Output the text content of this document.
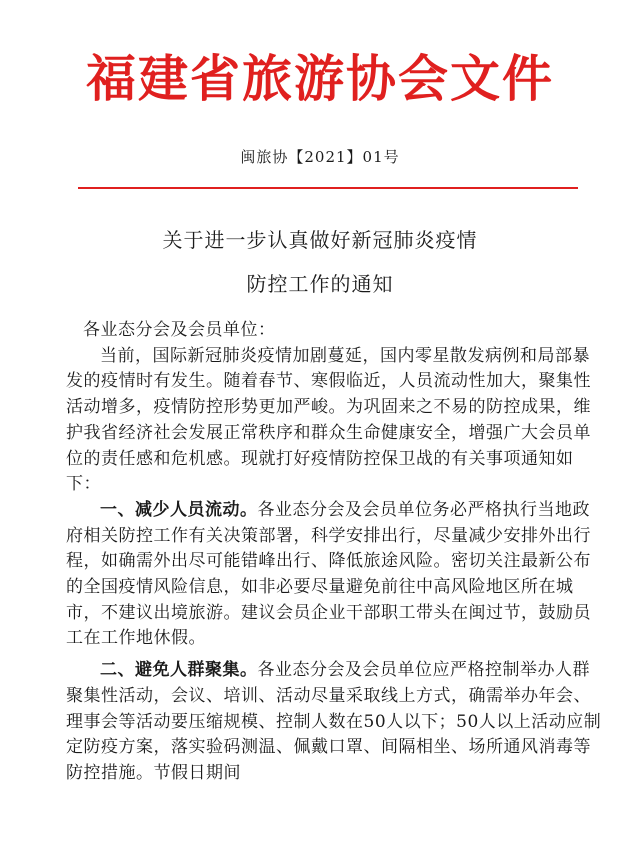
福建省旅游协会文件
闽旅协【2021】01号
关于进一步认真做好新冠肺炎疫情
防控工作的通知

各业态分会及会员单位：

当前，国际新冠肺炎疫情加剧蔓延，国内零星散发病例和局部暴发的疫情时有发生。随着春节、寒假临近，人员流动性加大，聚集性活动增多，疫情防控形势更加严峻。为巩固来之不易的防控成果，维护我省经济社会发展正常秩序和群众生命健康安全，增强广大会员单位的责任感和危机感。现就打好疫情防控保卫战的有关事项通知如下：

一、减少人员流动。各业态分会及会员单位务必严格执行当地政府相关防控工作有关决策部署，科学安排出行，尽量减少安排外出行程，如确需外出尽可能错峰出行、降低旅途风险。密切关注最新公布的全国疫情风险信息，如非必要尽量避免前往中高风险地区所在城市，不建议出境旅游。建议会员企业干部职工带头在闽过节，鼓励员工在工作地休假。

二、避免人群聚集。各业态分会及会员单位应严格控制举办人群聚集性活动，会议、培训、活动尽量采取线上方式，确需举办年会、理事会等活动要压缩规模、控制人数在50人以下；50人以上活动应制定防疫方案，落实验码测温、佩戴口罩、间隔相坐、场所通风消毒等防控措施。节假日期间
